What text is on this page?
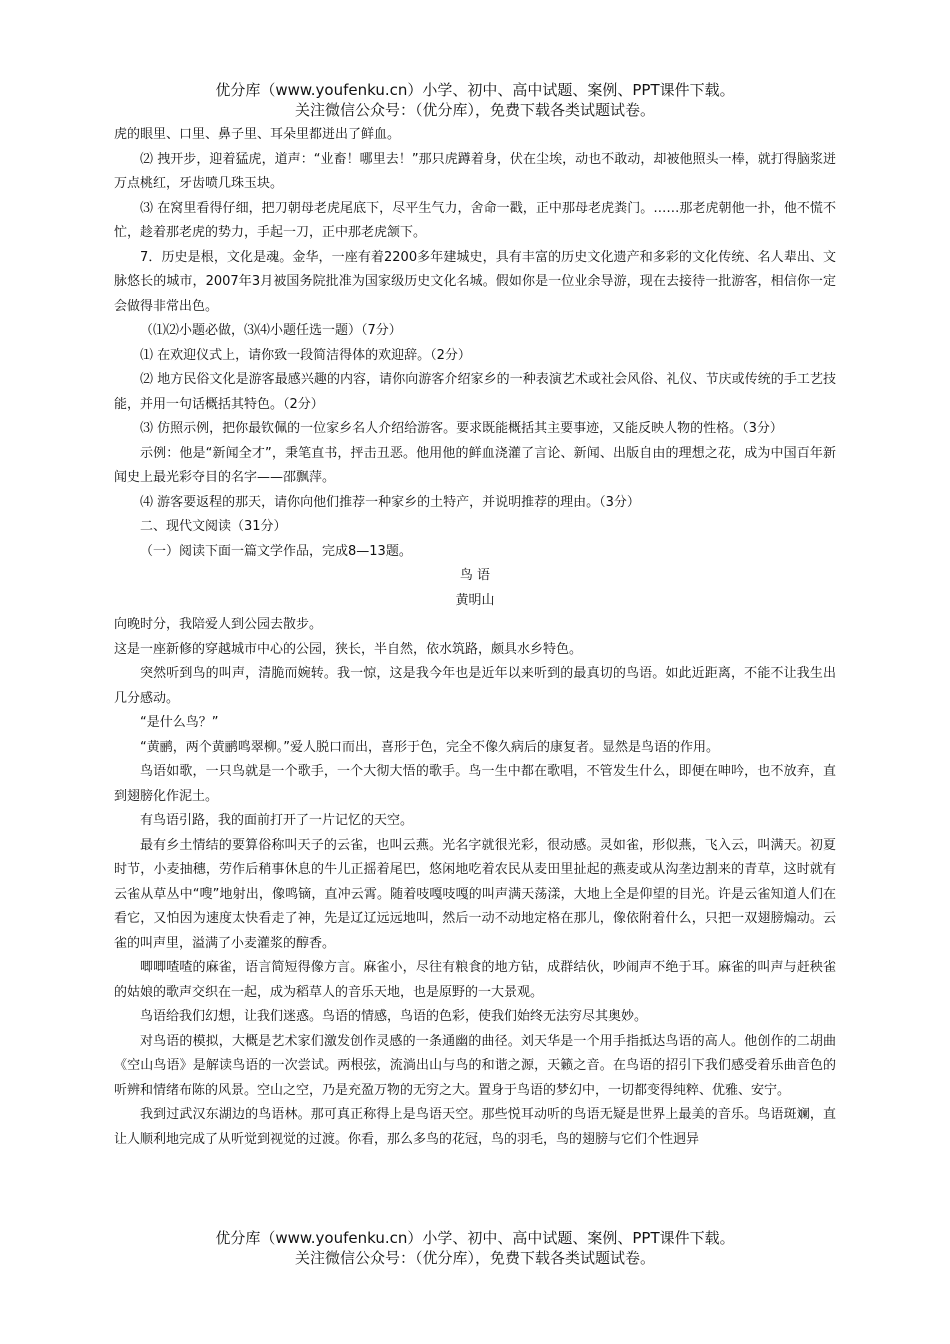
优分库（www.youfenku.cn）小学、初中、高中试题、案例、PPT课件下载。
关注微信公众号：（优分库），免费下载各类试题试卷。

虎的眼里、口里、鼻子里、耳朵里都迸出了鲜血。

⑵ 拽开步，迎着猛虎，道声：“业畜！哪里去！”那只虎蹲着身，伏在尘埃，动也不敢动，却被他照头一棒，就打得脑浆迸万点桃红，牙齿喷几珠玉块。

⑶ 在窝里看得仔细，把刀朝母老虎尾底下，尽平生气力，舍命一戳，正中那母老虎粪门。……那老虎朝他一扑，他不慌不忙，趁着那老虎的势力，手起一刀，正中那老虎颔下。

7．历史是根，文化是魂。金华，一座有着2200多年建城史，具有丰富的历史文化遗产和多彩的文化传统、名人辈出、文脉悠长的城市，2007年3月被国务院批准为国家级历史文化名城。假如你是一位业余导游，现在去接待一批游客，相信你一定会做得非常出色。

（⑴⑵小题必做，⑶⑷小题任选一题）（7分）

⑴ 在欢迎仪式上，请你致一段简洁得体的欢迎辞。（2分）

⑵ 地方民俗文化是游客最感兴趣的内容，请你向游客介绍家乡的一种表演艺术或社会风俗、礼仪、节庆或传统的手工艺技能，并用一句话概括其特色。（2分）

⑶ 仿照示例，把你最钦佩的一位家乡名人介绍给游客。要求既能概括其主要事迹，又能反映人物的性格。（3分）

示例：他是“新闻全才”，秉笔直书，抨击丑恶。他用他的鲜血浇灌了言论、新闻、出版自由的理想之花，成为中国百年新闻史上最光彩夺目的名字——邵飘萍。

⑷ 游客要返程的那天，请你向他们推荐一种家乡的土特产，并说明推荐的理由。（3分）

二、现代文阅读（31分）

（一）阅读下面一篇文学作品，完成8—13题。

鸟 语

黄明山

向晚时分，我陪爱人到公园去散步。

这是一座新修的穿越城市中心的公园，狭长，半自然，依水筑路，颇具水乡特色。

突然听到鸟的叫声，清脆而婉转。我一惊，这是我今年也是近年以来听到的最真切的鸟语。如此近距离，不能不让我生出几分感动。

“是什么鸟？”

“黄鹂，两个黄鹂鸣翠柳。”爱人脱口而出，喜形于色，完全不像久病后的康复者。显然是鸟语的作用。

鸟语如歌，一只鸟就是一个歌手，一个大彻大悟的歌手。鸟一生中都在歌唱，不管发生什么，即便在呻吟，也不放弃，直到翅膀化作泥土。

有鸟语引路，我的面前打开了一片记忆的天空。

最有乡土情结的要算俗称叫天子的云雀，也叫云燕。光名字就很光彩，很动感。灵如雀，形似燕，飞入云，叫满天。初夏时节，小麦抽穗，劳作后稍事休息的牛儿正摇着尾巴，悠闲地吃着农民从麦田里扯起的燕麦或从沟垄边割来的青草，这时就有云雀从草丛中“嗖”地射出，像鸣镝，直冲云霄。随着吱嘎吱嘎的叫声满天荡漾，大地上全是仰望的目光。许是云雀知道人们在看它，又怕因为速度太快看走了神，先是辽辽远远地叫，然后一动不动地定格在那儿，像依附着什么，只把一双翅膀煽动。云雀的叫声里，溢满了小麦灌浆的醇香。

唧唧喳喳的麻雀，语言简短得像方言。麻雀小，尽往有粮食的地方钻，成群结伙，吵闹声不绝于耳。麻雀的叫声与赶秧雀的姑娘的歌声交织在一起，成为稻草人的音乐天地，也是原野的一大景观。

鸟语给我们幻想，让我们迷惑。鸟语的情感，鸟语的色彩，使我们始终无法穷尽其奥妙。

对鸟语的模拟，大概是艺术家们激发创作灵感的一条通幽的曲径。刘天华是一个用手指抵达鸟语的高人。他创作的二胡曲《空山鸟语》是解读鸟语的一次尝试。两根弦，流淌出山与鸟的和谐之源，天籁之音。在鸟语的招引下我们感受着乐曲音色的听辨和情绪布陈的风景。空山之空，乃是充盈万物的无穷之大。置身于鸟语的梦幻中，一切都变得纯粹、优雅、安宁。

我到过武汉东湖边的鸟语林。那可真正称得上是鸟语天空。那些悦耳动听的鸟语无疑是世界上最美的音乐。鸟语斑斓，直让人顺利地完成了从听觉到视觉的过渡。你看，那么多鸟的花冠，鸟的羽毛，鸟的翅膀与它们个性迥异

优分库（www.youfenku.cn）小学、初中、高中试题、案例、PPT课件下载。
关注微信公众号：（优分库），免费下载各类试题试卷。
